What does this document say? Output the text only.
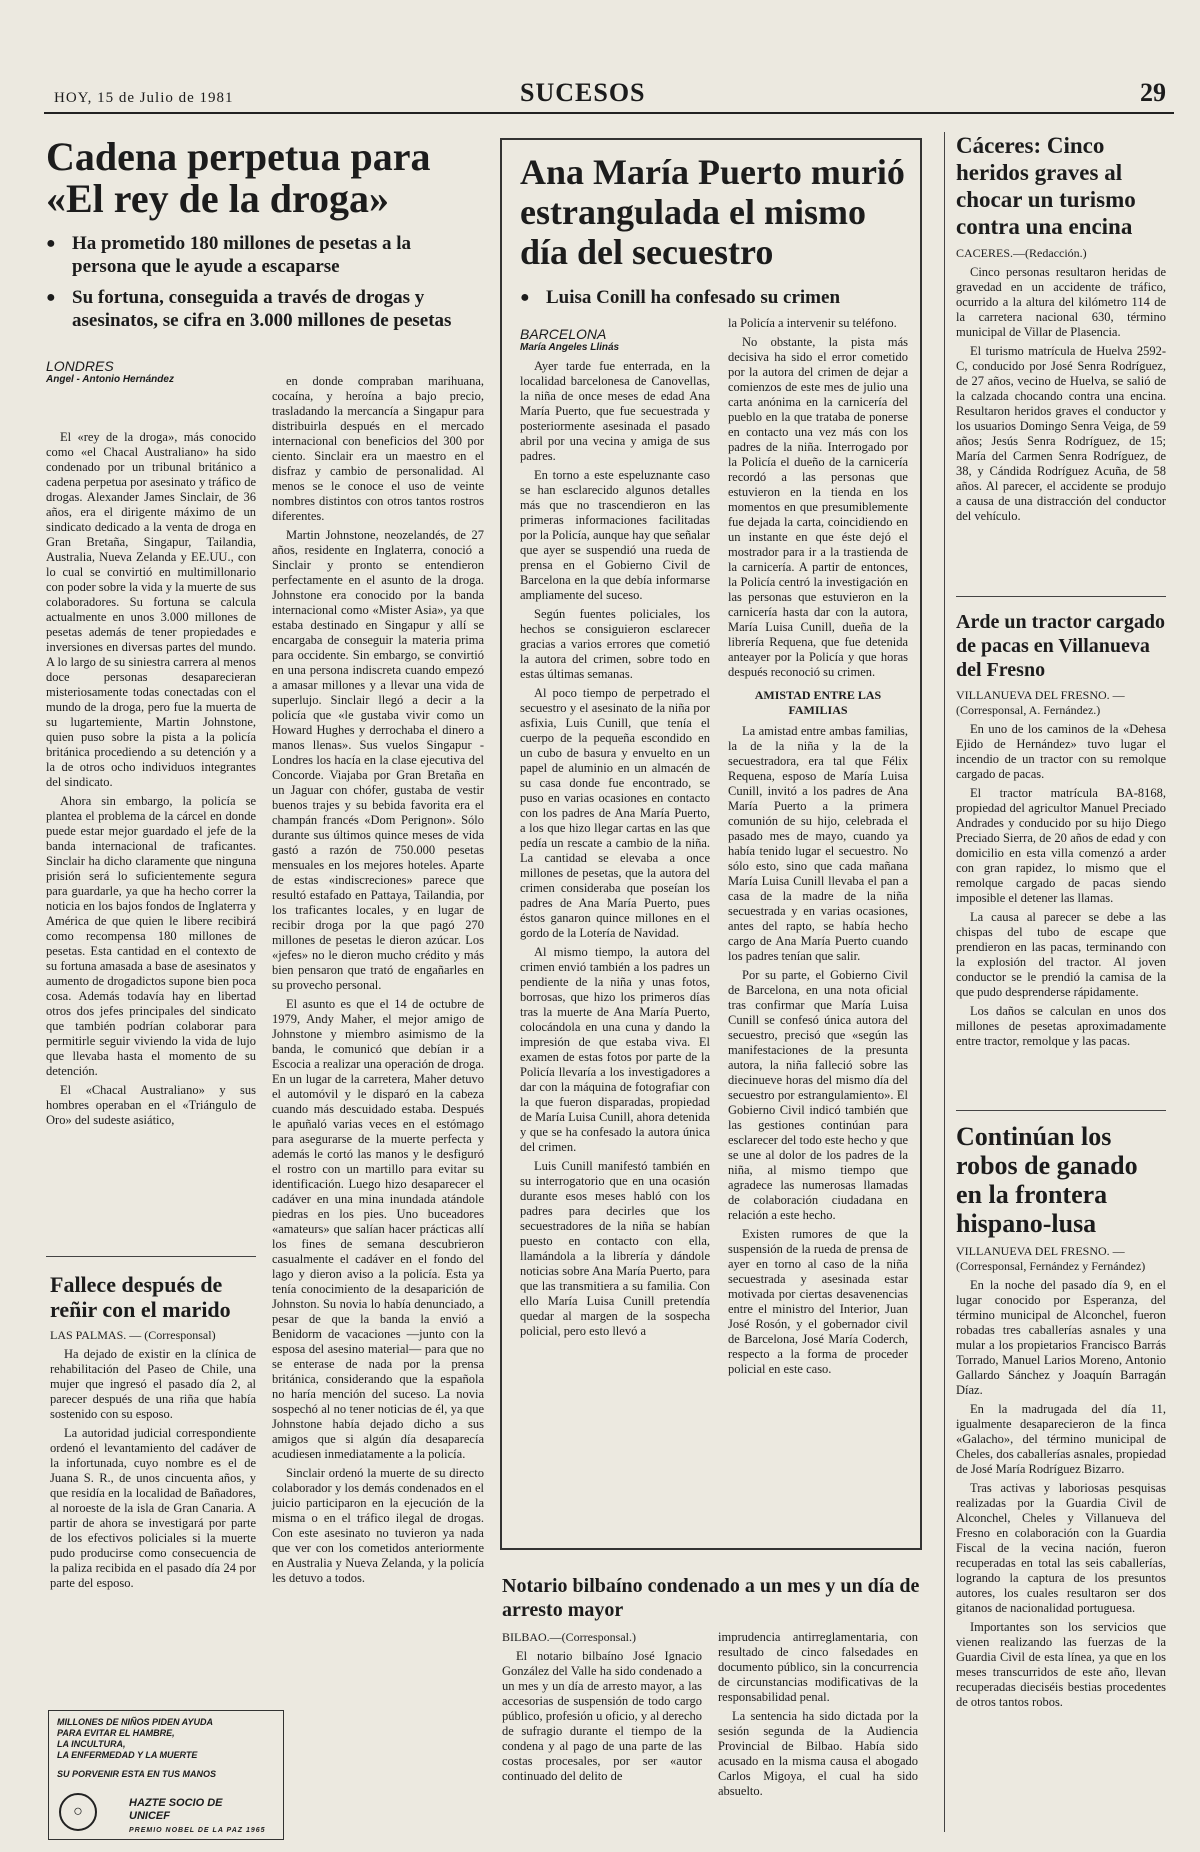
HOY, 15 de Julio de 1981	SUCESOS	29
Cadena perpetua para «El rey de la droga»
● Ha prometido 180 millones de pesetas a la persona que le ayude a escaparse
● Su fortuna, conseguida a través de drogas y asesinatos, se cifra en 3.000 millones de pesetas
LONDRES
Angel - Antonio Hernández

El «rey de la droga», más conocido como «el Chacal Australiano» ha sido condenado por un tribunal británico a cadena perpetua por asesinato y tráfico de drogas. Alexander James Sinclair, de 36 años, era el dirigente máximo de un sindicato dedicado a la venta de droga en Gran Bretaña, Singapur, Tailandia, Australia, Nueva Zelanda y EE.UU., con lo cual se convirtió en multimillonario con poder sobre la vida y la muerte de sus colaboradores. Su fortuna se calcula actualmente en unos 3.000 millones de pesetas además de tener propiedades e inversiones en diversas partes del mundo. A lo largo de su siniestra carrera al menos doce personas desaparecieran misteriosamente todas conectadas con el mundo de la droga, pero fue la muerta de su lugartemiente, Martin Johnstone, quien puso sobre la pista a la policía británica procediendo a su detención y a la de otros ocho individuos integrantes del sindicato.

Ahora sin embargo, la policía se plantea el problema de la cárcel en donde puede estar mejor guardado el jefe de la banda internacional de traficantes. Sinclair ha dicho claramente que ninguna prisión será lo suficientemente segura para guardarle, ya que ha hecho correr la noticia en los bajos fondos de Inglaterra y América de que quien le libere recibirá como recompensa 180 millones de pesetas. Esta cantidad en el contexto de su fortuna amasada a base de asesinatos y aumento de drogadictos supone bien poca cosa. Además todavía hay en libertad otros dos jefes principales del sindicato que también podrían colaborar para permitirle seguir viviendo la vida de lujo que llevaba hasta el momento de su detención.

El «Chacal Australiano» y sus hombres operaban en el «Triángulo de Oro» del sudeste asiático,

en donde compraban marihuana, cocaína, y heroína a bajo precio, trasladando la mercancía a Singapur para distribuirla después en el mercado internacional con beneficios del 300 por ciento. Sinclair era un maestro en el disfraz y cambio de personalidad. Al menos se le conoce el uso de veinte nombres distintos con otros tantos rostros diferentes.

Martin Johnstone, neozelandés, de 27 años, residente en Inglaterra, conoció a Sinclair y pronto se entendieron perfectamente en el asunto de la droga. Johnstone era conocido por la banda internacional como «Mister Asia», ya que estaba destinado en Singapur y allí se encargaba de conseguir la materia prima para occidente. Sin embargo, se convirtió en una persona indiscreta cuando empezó a amasar millones y a llevar una vida de superlujo. Sinclair llegó a decir a la policía que «le gustaba vivir como un Howard Hughes y derrochaba el dinero a manos llenas». Sus vuelos Singapur - Londres los hacía en la clase ejecutiva del Concorde. Viajaba por Gran Bretaña en un Jaguar con chófer, gustaba de vestir buenos trajes y su bebida favorita era el champán francés «Dom Perignon». Sólo durante sus últimos quince meses de vida gastó a razón de 750.000 pesetas mensuales en los mejores hoteles. Aparte de estas «indiscreciones» parece que resultó estafado en Pattaya, Tailandia, por los traficantes locales, y en lugar de recibir droga por la que pagó 270 millones de pesetas le dieron azúcar. Los «jefes» no le dieron mucho crédito y más bien pensaron que trató de engañarles en su provecho personal.

El asunto es que el 14 de octubre de 1979, Andy Maher, el mejor amigo de Johnstone y miembro asimismo de la banda, le comunicó que debían ir a Escocia a realizar una operación de droga. En un lugar de la carretera, Maher detuvo el automóvil y le disparó en la cabeza cuando más descuidado estaba. Después le apuñaló varias veces en el estómago para asegurarse de la muerte perfecta y además le cortó las manos y le desfiguró el rostro con un martillo para evitar su identificación. Luego hizo desaparecer el cadáver en una mina inundada atándole piedras en los pies. Uno buceadores «amateurs» que salían hacer prácticas allí los fines de semana descubrieron casualmente el cadáver en el fondo del lago y dieron aviso a la policía. Esta ya tenía conocimiento de la desaparición de Johnston. Su novia lo había denunciado, a pesar de que la banda la envió a Benidorm de vacaciones —junto con la esposa del asesino material— para que no se enterase de nada por la prensa británica, considerando que la española no haría mención del suceso. La novia sospechó al no tener noticias de él, ya que Johnstone había dejado dicho a sus amigos que si algún día desaparecía acudiesen inmediatamente a la policía.

Sinclair ordenó la muerte de su directo colaborador y los demás condenados en el juicio participaron en la ejecución de la misma o en el tráfico ilegal de drogas. Con este asesinato no tuvieron ya nada que ver con los cometidos anteriormente en Australia y Nueva Zelanda, y la policía les detuvo a todos.

Fallece después de reñir con el marido
LAS PALMAS. — (Corresponsal)

Ha dejado de existir en la clínica de rehabilitación del Paseo de Chile, una mujer que ingresó el pasado día 2, al parecer después de una riña que había sostenido con su esposo.

La autoridad judicial correspondiente ordenó el levantamiento del cadáver de la infortunada, cuyo nombre es el de Juana S. R., de unos cincuenta años, y que residía en la localidad de Bañadores, al noroeste de la isla de Gran Canaria. A partir de ahora se investigará por parte de los efectivos policiales si la muerte pudo producirse como consecuencia de la paliza recibida en el pasado día 24 por parte del esposo.

MILLONES DE NIÑOS PIDEN AYUDA
PARA EVITAR EL HAMBRE,
LA INCULTURA,
LA ENFERMEDAD Y LA MUERTE
SU PORVENIR ESTA EN TUS MANOS
○	HAZTE SOCIO DE
UNICEF
PREMIO NOBEL DE LA PAZ 1965
Ana María Puerto murió estrangulada el mismo día del secuestro
● Luisa Conill ha confesado su crimen
BARCELONA
María Angeles Llinás

Ayer tarde fue enterrada, en la localidad barcelonesa de Canovellas, la niña de once meses de edad Ana María Puerto, que fue secuestrada y posteriormente asesinada el pasado abril por una vecina y amiga de sus padres.

En torno a este espeluznante caso se han esclarecido algunos detalles más que no trascendieron en las primeras informaciones facilitadas por la Policía, aunque hay que señalar que ayer se suspendió una rueda de prensa en el Gobierno Civil de Barcelona en la que debía informarse ampliamente del suceso.

Según fuentes policiales, los hechos se consiguieron esclarecer gracias a varios errores que cometió la autora del crimen, sobre todo en estas últimas semanas.

Al poco tiempo de perpetrado el secuestro y el asesinato de la niña por asfixia, Luis Cunill, que tenía el cuerpo de la pequeña escondido en un cubo de basura y envuelto en un papel de aluminio en un almacén de su casa donde fue encontrado, se puso en varias ocasiones en contacto con los padres de Ana María Puerto, a los que hizo llegar cartas en las que pedía un rescate a cambio de la niña. La cantidad se elevaba a once millones de pesetas, que la autora del crimen consideraba que poseían los padres de Ana María Puerto, pues éstos ganaron quince millones en el gordo de la Lotería de Navidad.

Al mismo tiempo, la autora del crimen envió también a los padres un pendiente de la niña y unas fotos, borrosas, que hizo los primeros días tras la muerte de Ana María Puerto, colocándola en una cuna y dando la impresión de que estaba viva. El examen de estas fotos por parte de la Policía llevaría a los investigadores a dar con la máquina de fotografiar con la que fueron disparadas, propiedad de María Luisa Cunill, ahora detenida y que se ha confesado la autora única del crimen.

Luis Cunill manifestó también en su interrogatorio que en una ocasión durante esos meses habló con los padres para decirles que los secuestradores de la niña se habían puesto en contacto con ella, llamándola a la librería y dándole noticias sobre Ana María Puerto, para que las transmitiera a su familia. Con ello María Luisa Cunill pretendía quedar al margen de la sospecha policial, pero esto llevó a

la Policía a intervenir su teléfono.

No obstante, la pista más decisiva ha sido el error cometido por la autora del crimen de dejar a comienzos de este mes de julio una carta anónima en la carnicería del pueblo en la que trataba de ponerse en contacto una vez más con los padres de la niña. Interrogado por la Policía el dueño de la carnicería recordó a las personas que estuvieron en la tienda en los momentos en que presumiblemente fue dejada la carta, coincidiendo en un instante en que éste dejó el mostrador para ir a la trastienda de la carnicería. A partir de entonces, la Policía centró la investigación en las personas que estuvieron en la carnicería hasta dar con la autora, María Luisa Cunill, dueña de la librería Requena, que fue detenida anteayer por la Policía y que horas después reconoció su crimen.

AMISTAD ENTRE LAS FAMILIAS

La amistad entre ambas familias, la de la niña y la de la secuestradora, era tal que Félix Requena, esposo de María Luisa Cunill, invitó a los padres de Ana María Puerto a la primera comunión de su hijo, celebrada el pasado mes de mayo, cuando ya había tenido lugar el secuestro. No sólo esto, sino que cada mañana María Luisa Cunill llevaba el pan a casa de la madre de la niña secuestrada y en varias ocasiones, antes del rapto, se había hecho cargo de Ana María Puerto cuando los padres tenían que salir.

Por su parte, el Gobierno Civil de Barcelona, en una nota oficial tras confirmar que María Luisa Cunill se confesó única autora del secuestro, precisó que «según las manifestaciones de la presunta autora, la niña falleció sobre las diecinueve horas del mismo día del secuestro por estrangulamiento». El Gobierno Civil indicó también que las gestiones continúan para esclarecer del todo este hecho y que se une al dolor de los padres de la niña, al mismo tiempo que agradece las numerosas llamadas de colaboración ciudadana en relación a este hecho.

Existen rumores de que la suspensión de la rueda de prensa de ayer en torno al caso de la niña secuestrada y asesinada estar motivada por ciertas desavenencias entre el ministro del Interior, Juan José Rosón, y el gobernador civil de Barcelona, José María Coderch, respecto a la forma de proceder policial en este caso.

Notario bilbaíno condenado a un mes y un día de arresto mayor
BILBAO.—(Corresponsal.)

El notario bilbaíno José Ignacio González del Valle ha sido condenado a un mes y un día de arresto mayor, a las accesorias de suspensión de todo cargo público, profesión u oficio, y al derecho de sufragio durante el tiempo de la condena y al pago de una parte de las costas procesales, por ser «autor continuado del delito de

imprudencia antirreglamentaria, con resultado de cinco falsedades en documento público, sin la concurrencia de circunstancias modificativas de la responsabilidad penal.

La sentencia ha sido dictada por la sesión segunda de la Audiencia Provincial de Bilbao. Había sido acusado en la misma causa el abogado Carlos Migoya, el cual ha sido absuelto.

Cáceres: Cinco heridos graves al chocar un turismo contra una encina
CACERES.—(Redacción.)

Cinco personas resultaron heridas de gravedad en un accidente de tráfico, ocurrido a la altura del kilómetro 114 de la carretera nacional 630, término municipal de Villar de Plasencia.

El turismo matrícula de Huelva 2592-C, conducido por José Senra Rodríguez, de 27 años, vecino de Huelva, se salió de la calzada chocando contra una encina. Resultaron heridos graves el conductor y los usuarios Domingo Senra Veiga, de 59 años; Jesús Senra Rodríguez, de 15; María del Carmen Senra Rodríguez, de 38, y Cándida Rodríguez Acuña, de 58 años. Al parecer, el accidente se produjo a causa de una distracción del conductor del vehículo.

Arde un tractor cargado de pacas en Villanueva del Fresno
VILLANUEVA DEL FRESNO. — (Corresponsal, A. Fernández.)

En uno de los caminos de la «Dehesa Ejido de Hernández» tuvo lugar el incendio de un tractor con su remolque cargado de pacas.

El tractor matrícula BA-8168, propiedad del agricultor Manuel Preciado Andrades y conducido por su hijo Diego Preciado Sierra, de 20 años de edad y con domicilio en esta villa comenzó a arder con gran rapidez, lo mismo que el remolque cargado de pacas siendo imposible el detener las llamas.

La causa al parecer se debe a las chispas del tubo de escape que prendieron en las pacas, terminando con la explosión del tractor. Al joven conductor se le prendió la camisa de la que pudo desprenderse rápidamente.

Los daños se calculan en unos dos millones de pesetas aproximadamente entre tractor, remolque y las pacas.

Continúan los robos de ganado en la frontera hispano-lusa
VILLANUEVA DEL FRESNO. — (Corresponsal, Fernández y Fernández)

En la noche del pasado día 9, en el lugar conocido por Esperanza, del término municipal de Alconchel, fueron robadas tres caballerías asnales y una mular a los propietarios Francisco Barrás Torrado, Manuel Larios Moreno, Antonio Gallardo Sánchez y Joaquín Barragán Díaz.

En la madrugada del día 11, igualmente desaparecieron de la finca «Galacho», del término municipal de Cheles, dos caballerías asnales, propiedad de José María Rodríguez Bizarro.

Tras activas y laboriosas pesquisas realizadas por la Guardia Civil de Alconchel, Cheles y Villanueva del Fresno en colaboración con la Guardia Fiscal de la vecina nación, fueron recuperadas en total las seis caballerías, logrando la captura de los presuntos autores, los cuales resultaron ser dos gitanos de nacionalidad portuguesa.

Importantes son los servicios que vienen realizando las fuerzas de la Guardia Civil de esta línea, ya que en los meses transcurridos de este año, llevan recuperadas dieciséis bestias procedentes de otros tantos robos.
